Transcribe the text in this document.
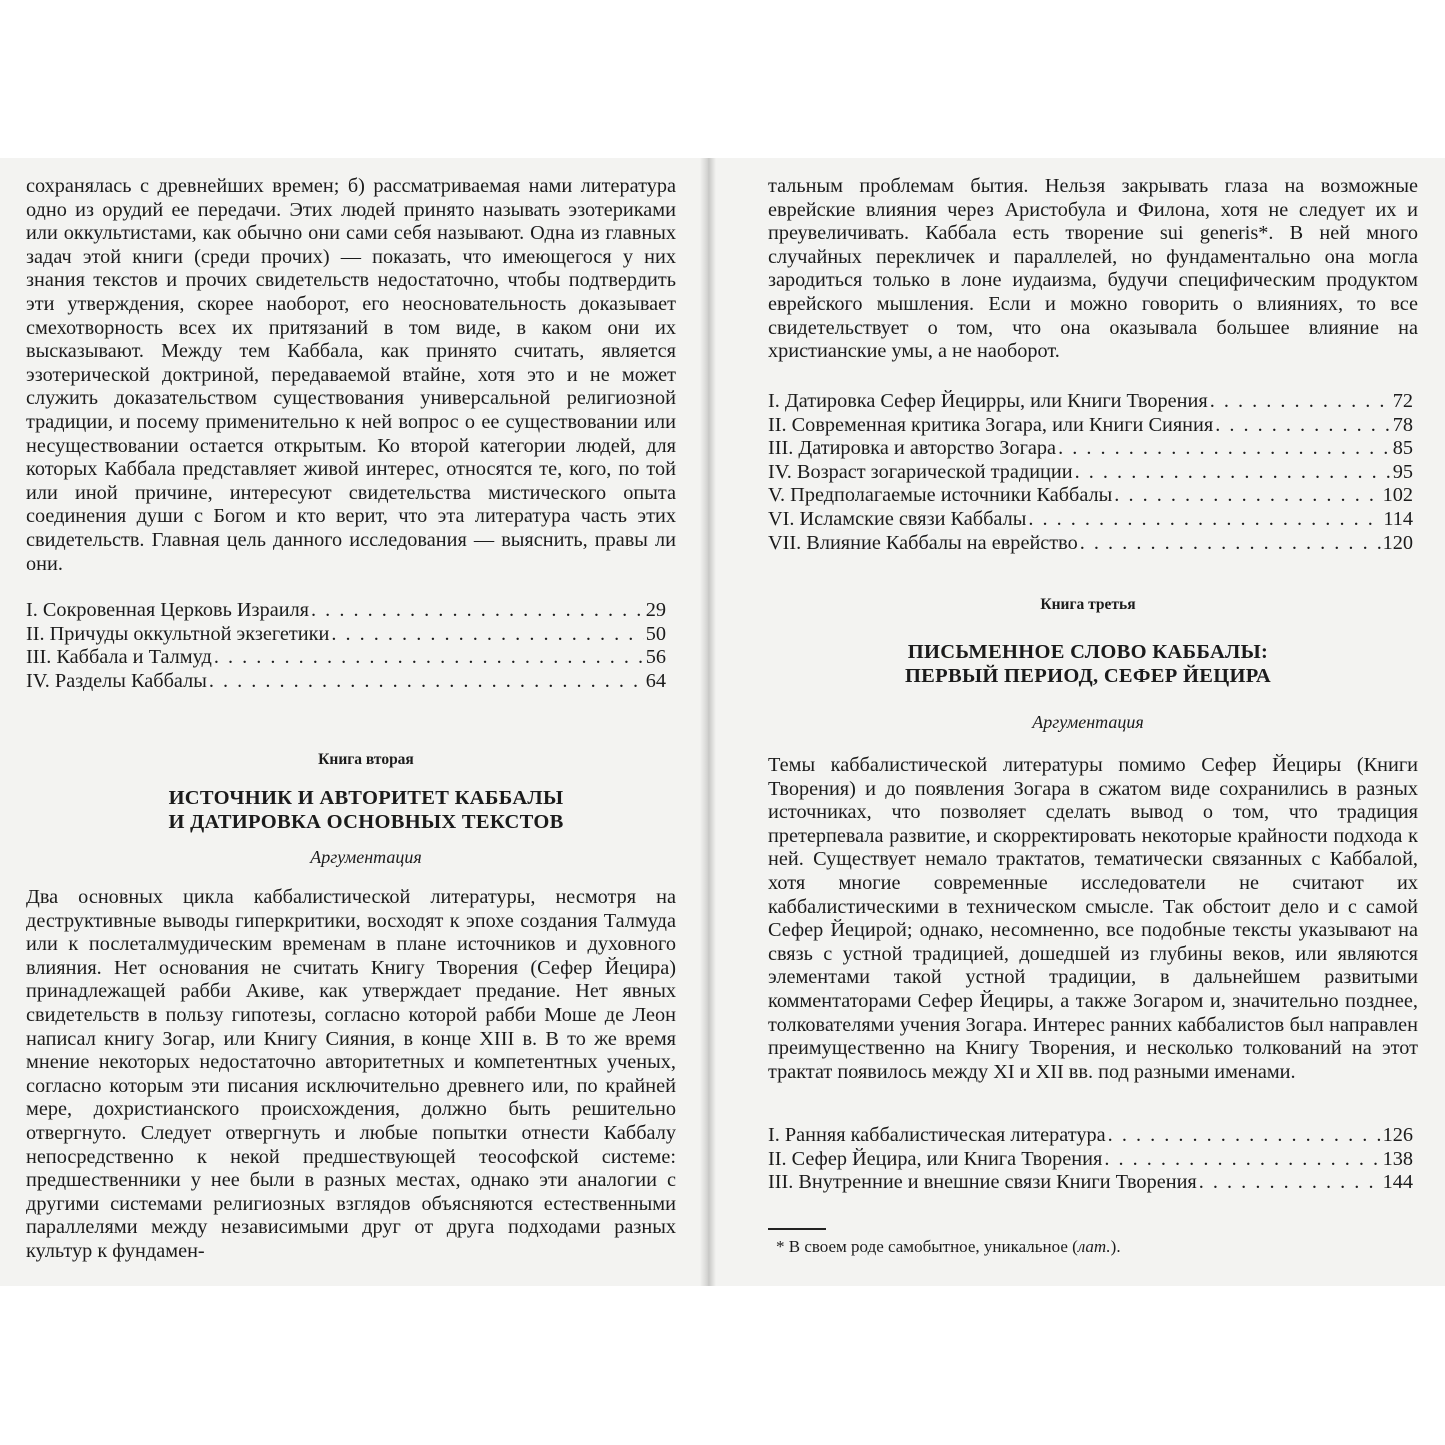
сохранялась с древнейших времен; б) рассматриваемая нами литература одно из орудий ее передачи. Этих людей принято называть эзотериками или оккультистами, как обычно они сами себя называют. Одна из главных задач этой книги (среди прочих) — показать, что имеющегося у них знания текстов и прочих свидетельств недостаточно, чтобы подтвердить эти утверждения, скорее наоборот, его неосновательность доказывает смехотворность всех их притязаний в том виде, в каком они их высказывают. Между тем Каббала, как принято считать, является эзотерической доктриной, передаваемой втайне, хотя это и не может служить доказательством существования универсальной религиозной традиции, и посему применительно к ней вопрос о ее существовании или несуществовании остается открытым. Ко второй категории людей, для которых Каббала представляет живой интерес, относятся те, кого, по той или иной причине, интересуют свидетельства мистического опыта соединения души с Богом и кто верит, что эта литература часть этих свидетельств. Главная цель данного исследования — выяснить, правы ли они.

I. Сокровенная Церковь Израиля . . .	29
II. Причуды оккультной экзегетики . . .	50
III. Каббала и Талмуд . . .	56
IV. Разделы Каббалы . . .	64

Книга вторая

ИСТОЧНИК И АВТОРИТЕТ КАББАЛЫ

И ДАТИРОВКА ОСНОВНЫХ ТЕКСТОВ

Аргументация

Два основных цикла каббалистической литературы, несмотря на деструктивные выводы гиперкритики, восходят к эпохе создания Талмуда или к послеталмудическим временам в плане источников и духовного влияния. Нет основания не считать Книгу Творения (Сефер Йецира) принадлежащей рабби Акиве, как утверждает предание. Нет явных свидетельств в пользу гипотезы, согласно которой рабби Моше де Леон написал книгу Зогар, или Книгу Сияния, в конце XIII в. В то же время мнение некоторых недостаточно авторитетных и компетентных ученых, согласно которым эти писания исключительно древнего или, по крайней мере, дохристианского происхождения, должно быть решительно отвергнуто. Следует отвергнуть и любые попытки отнести Каббалу непосредственно к некой предшествующей теософской системе: предшественники у нее были в разных местах, однако эти аналогии с другими системами религиозных взглядов объясняются естественными параллелями между независимыми друг от друга подходами разных культур к фундамен-

тальным проблемам бытия. Нельзя закрывать глаза на возможные еврейские влияния через Аристобула и Филона, хотя не следует их и преувеличивать. Каббала есть творение sui generis*. В ней много случайных перекличек и параллелей, но фундаментально она могла зародиться только в лоне иудаизма, будучи специфическим продуктом еврейского мышления. Если и можно говорить о влияниях, то все свидетельствует о том, что она оказывала большее влияние на христианские умы, а не наоборот.

I. Датировка Сефер Йецирры, или Книги Творения . . .	72
II. Современная критика Зогара, или Книги Сияния . . .	78
III. Датировка и авторство Зогара . . .	85
IV. Возраст зогарической традиции . . .	95
V. Предполагаемые источники Каббалы . . .	102
VI. Исламские связи Каббалы . . .	114
VII. Влияние Каббалы на еврейство . . .	120

Книга третья

ПИСЬМЕННОЕ СЛОВО КАББАЛЫ:

ПЕРВЫЙ ПЕРИОД, СЕФЕР ЙЕЦИРА

Аргументация

Темы каббалистической литературы помимо Сефер Йециры (Книги Творения) и до появления Зогара в сжатом виде сохранились в разных источниках, что позволяет сделать вывод о том, что традиция претерпевала развитие, и скорректировать некоторые крайности подхода к ней. Существует немало трактатов, тематически связанных с Каббалой, хотя многие современные исследователи не считают их каббалистическими в техническом смысле. Так обстоит дело и с самой Сефер Йецирой; однако, несомненно, все подобные тексты указывают на связь с устной традицией, дошедшей из глубины веков, или являются элементами такой устной традиции, в дальнейшем развитыми комментаторами Сефер Йециры, а также Зогаром и, значительно позднее, толкователями учения Зогара. Интерес ранних каббалистов был направлен преимущественно на Книгу Творения, и несколько толкований на этот трактат появилось между XI и XII вв. под разными именами.

I. Ранняя каббалистическая литература . . .	126
II. Сефер Йецира, или Книга Творения . . .	138
III. Внутренние и внешние связи Книги Творения . . .	144

* В своем роде самобытное, уникальное (лат.).
